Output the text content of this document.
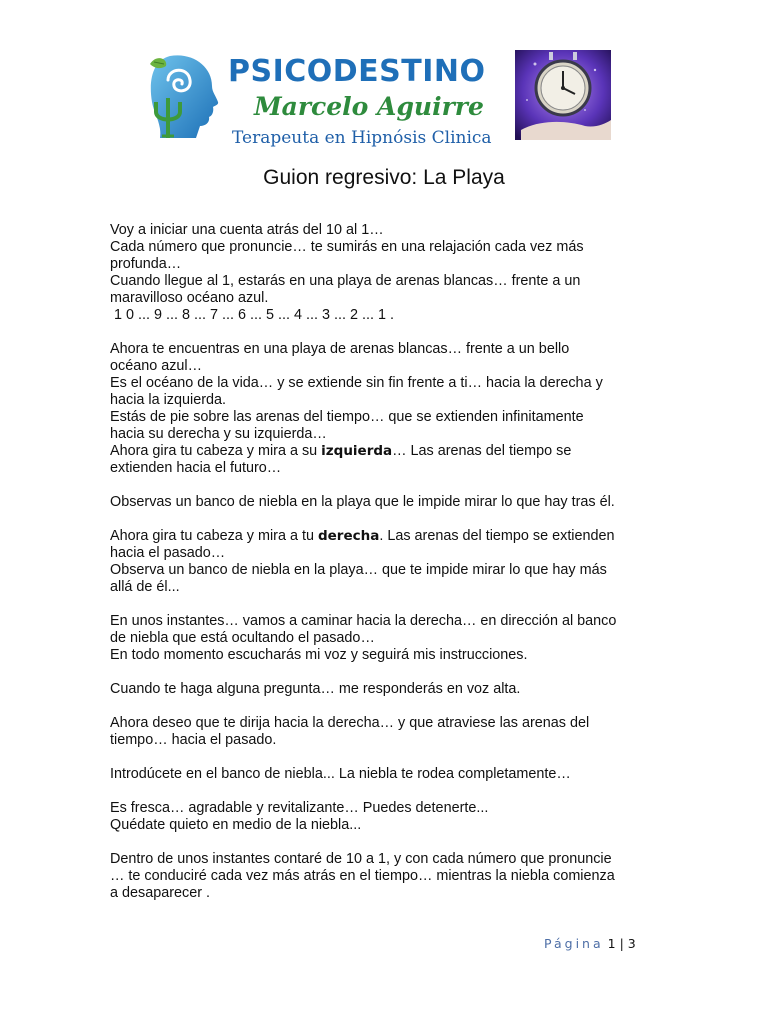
PSICODESTINO
Marcelo Aguirre
Terapeuta en Hipnósis Clinica
Guion regresivo: La Playa

Voy a iniciar una cuenta atrás del 10 al 1…
Cada número que pronuncie… te sumirás en una relajación cada vez más
profunda…
Cuando llegue al 1, estarás en una playa de arenas blancas… frente a un
maravilloso océano azul.
1 0 ... 9 ... 8 ... 7 ... 6 ... 5 ... 4 ... 3 ... 2 ... 1 .

Ahora te encuentras en una playa de arenas blancas… frente a un bello
océano azul…
Es el océano de la vida… y se extiende sin fin frente a ti… hacia la derecha y
hacia la izquierda.
Estás de pie sobre las arenas del tiempo… que se extienden infinitamente
hacia su derecha y su izquierda…
Ahora gira tu cabeza y mira a su izquierda… Las arenas del tiempo se
extienden hacia el futuro…

Observas un banco de niebla en la playa que le impide mirar lo que hay tras él.

Ahora gira tu cabeza y mira a tu derecha. Las arenas del tiempo se extienden
hacia el pasado…
Observa un banco de niebla en la playa… que te impide mirar lo que hay más
allá de él...

En unos instantes… vamos a caminar hacia la derecha… en dirección al banco
de niebla que está ocultando el pasado…
En todo momento escucharás mi voz y seguirá mis instrucciones.

Cuando te haga alguna pregunta… me responderás en voz alta.

Ahora deseo que te dirija hacia la derecha… y que atraviese las arenas del
tiempo… hacia el pasado.

Introdúcete en el banco de niebla... La niebla te rodea completamente…

Es fresca… agradable y revitalizante… Puedes detenerte...
Quédate quieto en medio de la niebla...

Dentro de unos instantes contaré de 10 a 1, y con cada número que pronuncie
… te conduciré cada vez más atrás en el tiempo… mientras la niebla comienza
a desaparecer .

Página 1 | 3
